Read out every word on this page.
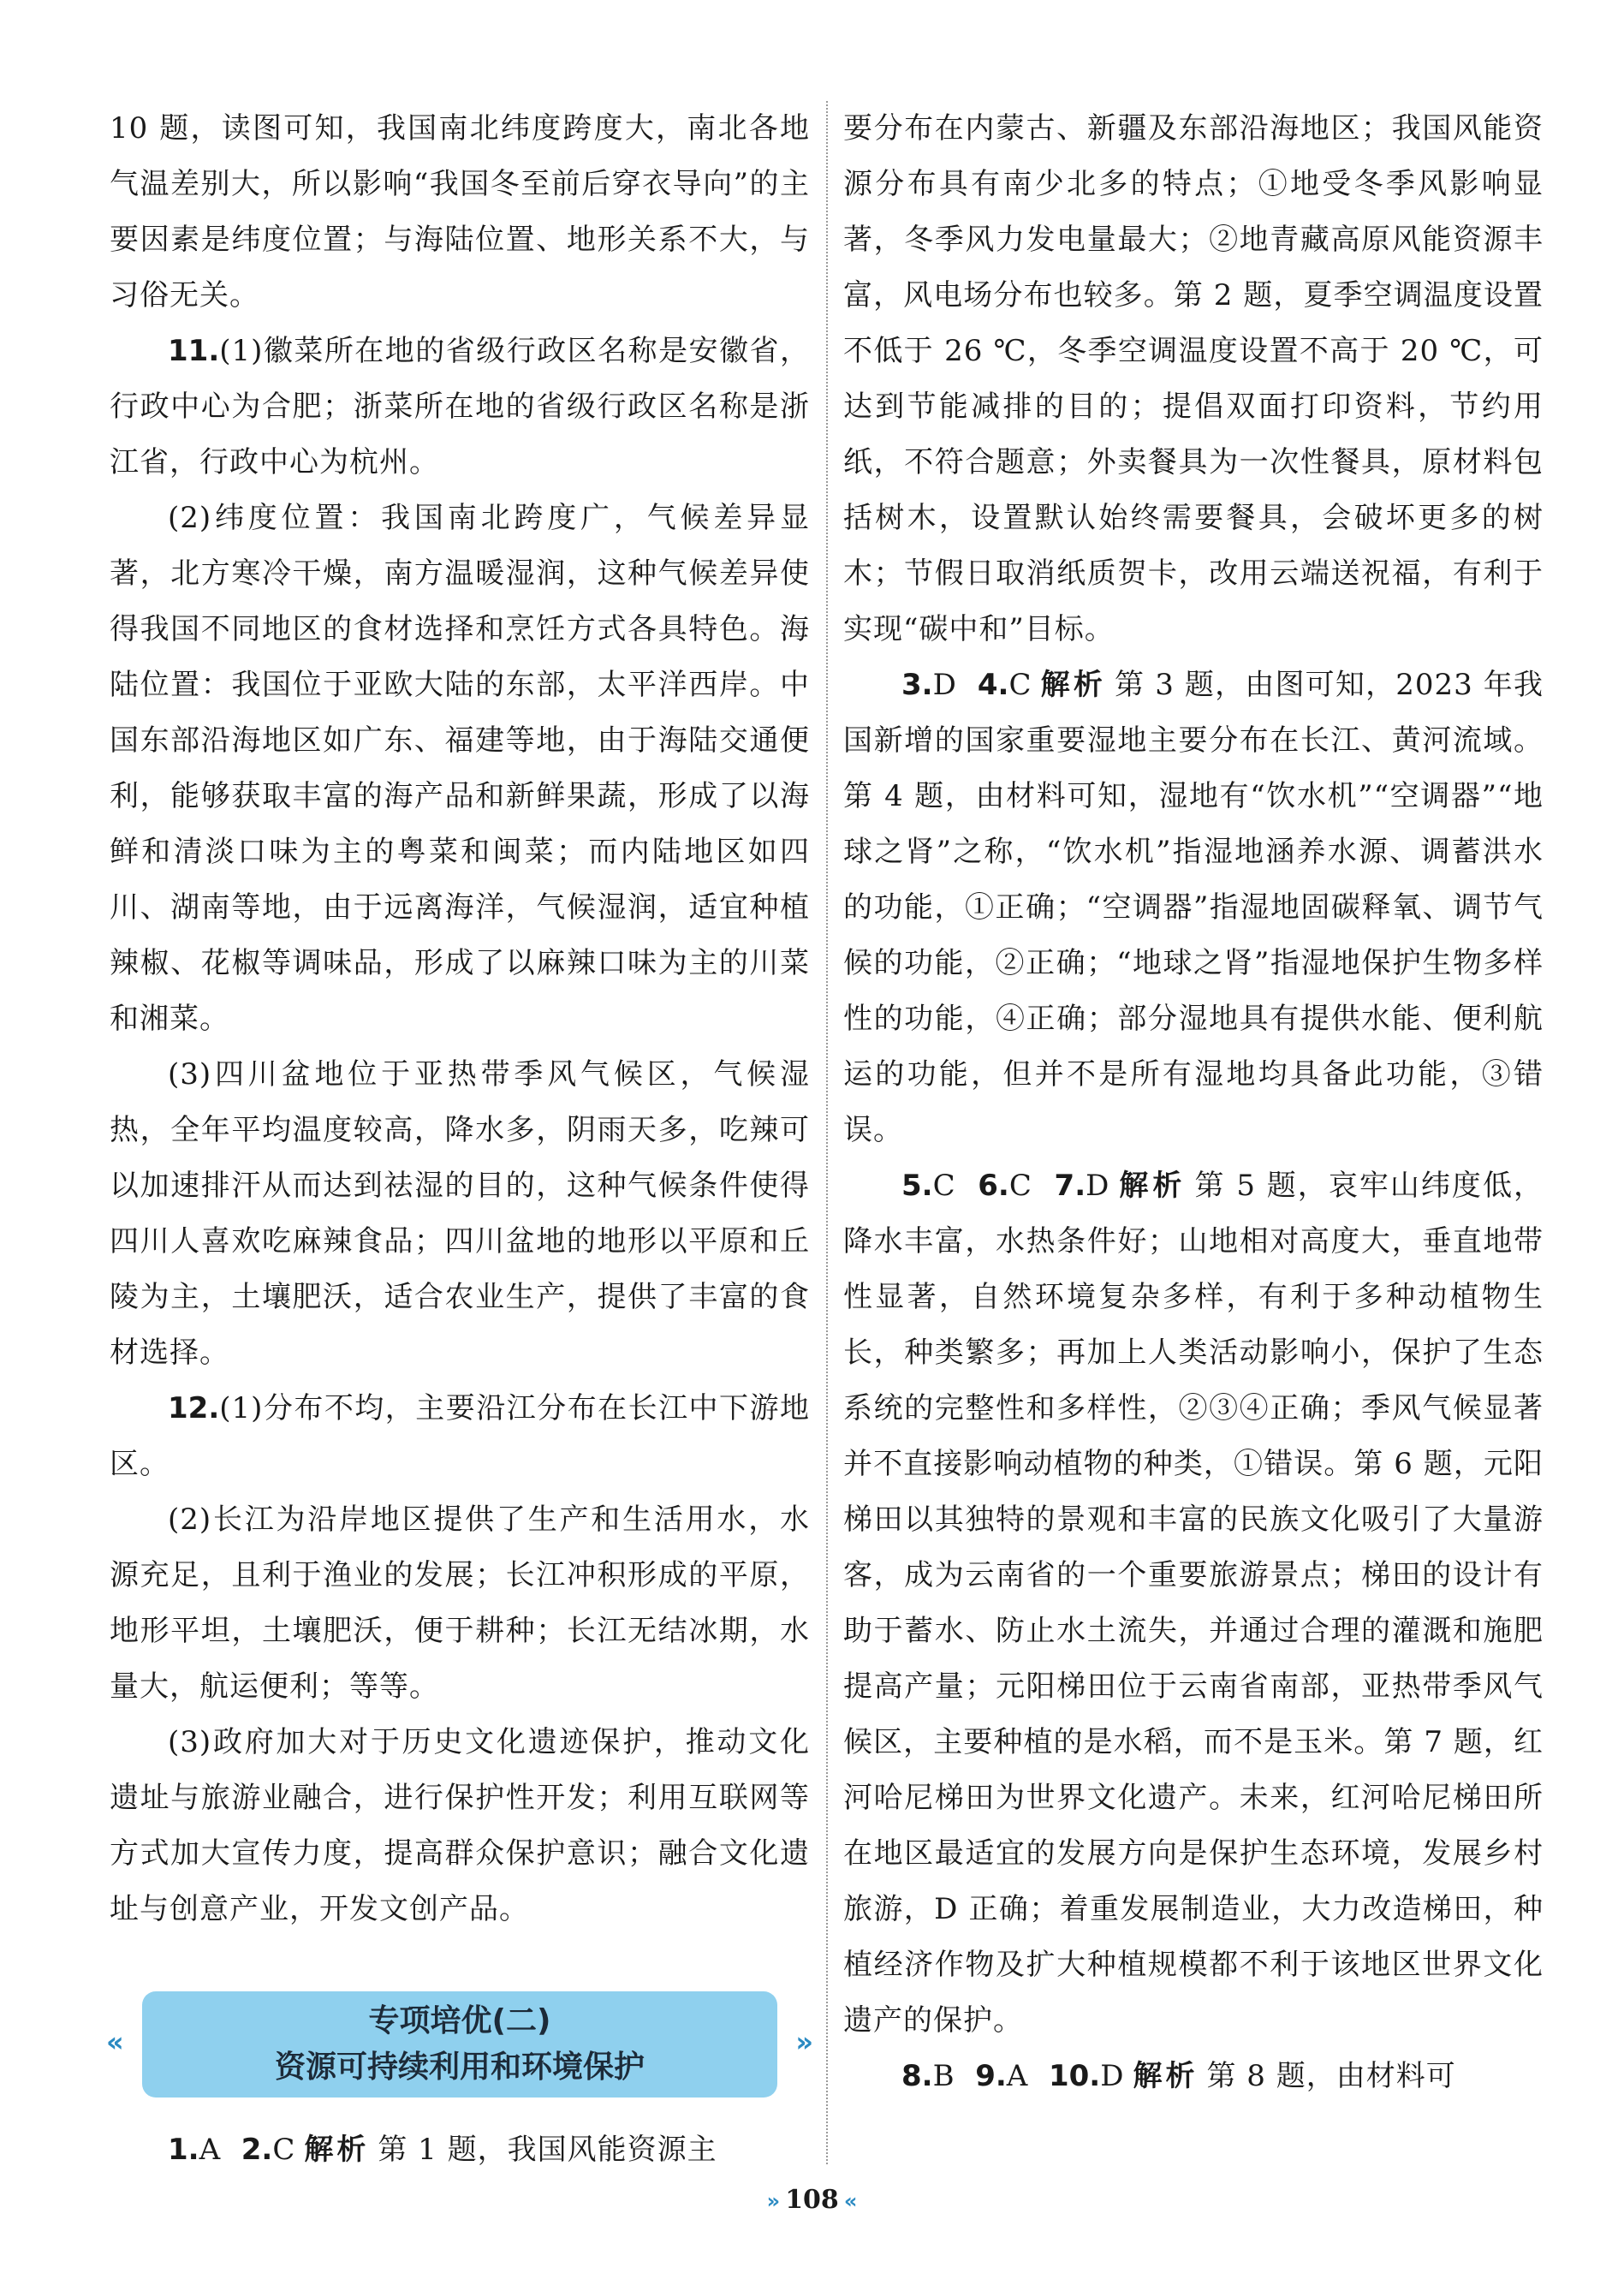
10 题，读图可知，我国南北纬度跨度大，南北各地气温差别大，所以影响“我国冬至前后穿衣导向”的主要因素是纬度位置；与海陆位置、地形关系不大，与习俗无关。

11.(1)徽菜所在地的省级行政区名称是安徽省，行政中心为合肥；浙菜所在地的省级行政区名称是浙江省，行政中心为杭州。

(2)纬度位置：我国南北跨度广，气候差异显著，北方寒冷干燥，南方温暖湿润，这种气候差异使得我国不同地区的食材选择和烹饪方式各具特色。海陆位置：我国位于亚欧大陆的东部，太平洋西岸。中国东部沿海地区如广东、福建等地，由于海陆交通便利，能够获取丰富的海产品和新鲜果蔬，形成了以海鲜和清淡口味为主的粤菜和闽菜；而内陆地区如四川、湖南等地，由于远离海洋，气候湿润，适宜种植辣椒、花椒等调味品，形成了以麻辣口味为主的川菜和湘菜。

(3)四川盆地位于亚热带季风气候区，气候湿热，全年平均温度较高，降水多，阴雨天多，吃辣可以加速排汗从而达到祛湿的目的，这种气候条件使得四川人喜欢吃麻辣食品；四川盆地的地形以平原和丘陵为主，土壤肥沃，适合农业生产，提供了丰富的食材选择。

12.(1)分布不均，主要沿江分布在长江中下游地区。

(2)长江为沿岸地区提供了生产和生活用水，水源充足，且利于渔业的发展；长江冲积形成的平原，地形平坦，土壤肥沃，便于耕种；长江无结冰期，水量大，航运便利；等等。

(3)政府加大对于历史文化遗迹保护，推动文化遗址与旅游业融合，进行保护性开发；利用互联网等方式加大宣传力度，提高群众保护意识；融合文化遗址与创意产业，开发文创产品。

«
专项培优(二)
资源可持续利用和环境保护
»

1.A 2.C 解析 第 1 题，我国风能资源主

要分布在内蒙古、新疆及东部沿海地区；我国风能资源分布具有南少北多的特点；①地受冬季风影响显著，冬季风力发电量最大；②地青藏高原风能资源丰富，风电场分布也较多。第 2 题，夏季空调温度设置不低于 26 ℃，冬季空调温度设置不高于 20 ℃，可达到节能减排的目的；提倡双面打印资料，节约用纸，不符合题意；外卖餐具为一次性餐具，原材料包括树木，设置默认始终需要餐具，会破坏更多的树木；节假日取消纸质贺卡，改用云端送祝福，有利于实现“碳中和”目标。

3.D 4.C 解析 第 3 题，由图可知，2023 年我国新增的国家重要湿地主要分布在长江、黄河流域。第 4 题，由材料可知，湿地有“饮水机”“空调器”“地球之肾”之称，“饮水机”指湿地涵养水源、调蓄洪水的功能，①正确；“空调器”指湿地固碳释氧、调节气候的功能，②正确；“地球之肾”指湿地保护生物多样性的功能，④正确；部分湿地具有提供水能、便利航运的功能，但并不是所有湿地均具备此功能，③错误。

5.C 6.C 7.D 解析 第 5 题，哀牢山纬度低，降水丰富，水热条件好；山地相对高度大，垂直地带性显著，自然环境复杂多样，有利于多种动植物生长，种类繁多；再加上人类活动影响小，保护了生态系统的完整性和多样性，②③④正确；季风气候显著并不直接影响动植物的种类，①错误。第 6 题，元阳梯田以其独特的景观和丰富的民族文化吸引了大量游客，成为云南省的一个重要旅游景点；梯田的设计有助于蓄水、防止水土流失，并通过合理的灌溉和施肥提高产量；元阳梯田位于云南省南部，亚热带季风气候区，主要种植的是水稻，而不是玉米。第 7 题，红河哈尼梯田为世界文化遗产。未来，红河哈尼梯田所在地区最适宜的发展方向是保护生态环境，发展乡村旅游，D 正确；着重发展制造业，大力改造梯田，种植经济作物及扩大种植规模都不利于该地区世界文化遗产的保护。

8.B 9.A 10.D 解析 第 8 题，由材料可

» 108 «
